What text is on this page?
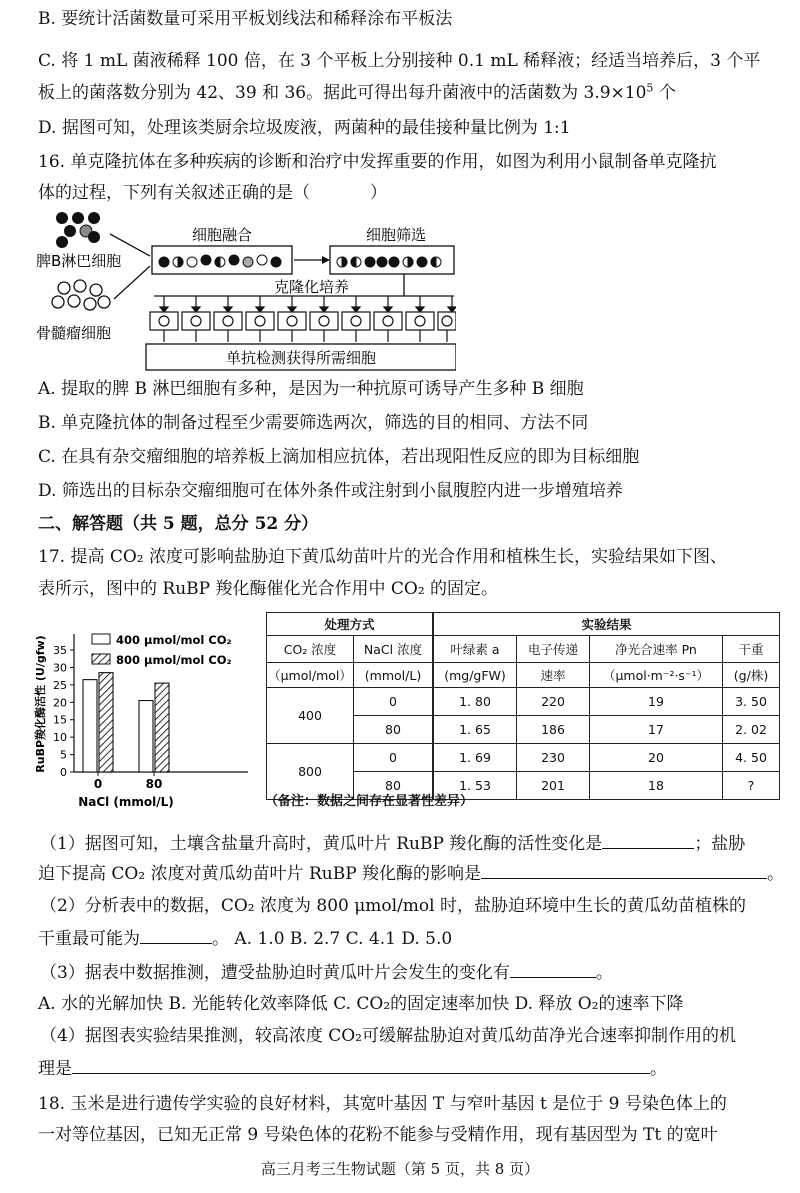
B. 要统计活菌数量可采用平板划线法和稀释涂布平板法
C. 将 1 mL 菌液稀释 100 倍，在 3 个平板上分别接种 0.1 mL 稀释液；经适当培养后，3 个平
板上的菌落数分别为 42、39 和 36。据此可得出每升菌液中的活菌数为 $3.9\times 10^5$ 个
D. 据图可知，处理该类厨余垃圾废液，两菌种的最佳接种量比例为 1:1
16. 单克隆抗体在多种疾病的诊断和治疗中发挥重要的作用，如图为利用小鼠制备单克隆抗
体的过程，下列有关叙述正确的是（	）
脾B淋巴细胞
骨髓瘤细胞
细胞融合	细胞筛选
克隆化培养
单抗检测获得所需细胞
A. 提取的脾 B 淋巴细胞有多种，是因为一种抗原可诱导产生多种 B 细胞
B. 单克隆抗体的制备过程至少需要筛选两次，筛选的目的相同、方法不同
C. 在具有杂交瘤细胞的培养板上滴加相应抗体，若出现阳性反应的即为目标细胞
D. 筛选出的目标杂交瘤细胞可在体外条件或注射到小鼠腹腔内进一步增殖培养
二、解答题（共 5 题，总分 52 分）
17. 提高 CO₂ 浓度可影响盐胁迫下黄瓜幼苗叶片的光合作用和植株生长，实验结果如下图、
表所示，图中的 RuBP 羧化酶催化光合作用中 CO₂ 的固定。
RuBP羧化酶活性 (U/gfw) 0
5
10
15
20
25
30
35
0	80
NaCl (mmol/L)
400 μmol/mol CO₂
800 μmol/mol CO₂
处理方式		实验结果			
CO₂ 浓度	NaCl 浓度	叶绿素 a	电子传递	净光合速率 Pn	干重
（μmol/mol）	(mmol/L)	(mg/gFW)	速率	（μmol·m⁻²·s⁻¹）	(g/株)
400	0	1. 80	220	19	3. 50
	80	1. 65	186	17	2. 02
800	0	1. 69	230	20	4. 50
	80	1. 53	201	18	?
（备注：数据之间存在显著性差异）
（1）据图可知，土壤含盐量升高时，黄瓜叶片 RuBP 羧化酶的活性变化是	；盐胁
迫下提高 CO₂ 浓度对黄瓜幼苗叶片 RuBP 羧化酶的影响是	。
（2）分析表中的数据，CO₂ 浓度为 800 μmol/mol 时，盐胁迫环境中生长的黄瓜幼苗植株的
干重最可能为	。 A. 1.0 B. 2.7 C. 4.1 D. 5.0
（3）据表中数据推测，遭受盐胁迫时黄瓜叶片会发生的变化有	。
A. 水的光解加快 B. 光能转化效率降低 C. CO₂的固定速率加快 D. 释放 O₂的速率下降
（4）据图表实验结果推测，较高浓度 CO₂可缓解盐胁迫对黄瓜幼苗净光合速率抑制作用的机
理是	。
18. 玉米是进行遗传学实验的良好材料，其宽叶基因 T 与窄叶基因 t 是位于 9 号染色体上的
一对等位基因，已知无正常 9 号染色体的花粉不能参与受精作用，现有基因型为 Tt 的宽叶
高三月考三生物试题（第 5 页，共 8 页）
